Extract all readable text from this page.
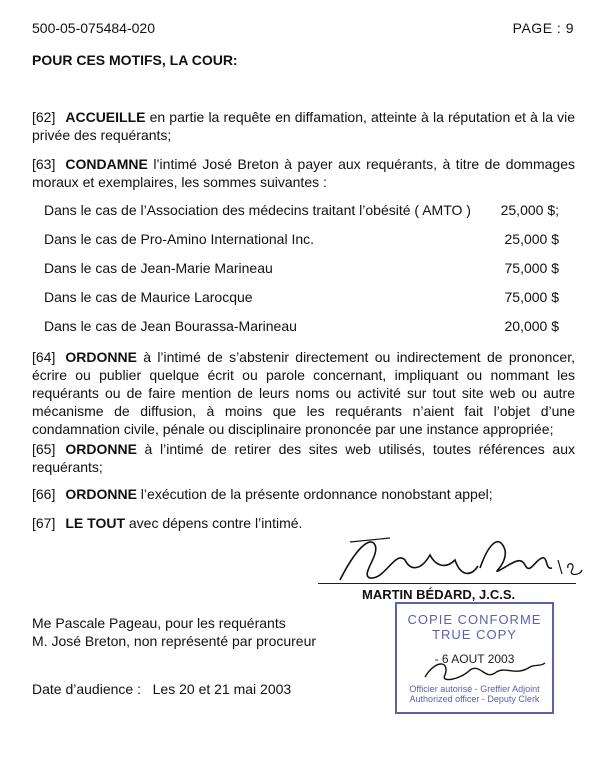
500-05-075484-020	PAGE : 9
POUR CES MOTIFS, LA COUR:
[62] ACCUEILLE en partie la requête en diffamation, atteinte à la réputation et à la vie privée des requérants;
[63] CONDAMNE l’intimé José Breton à payer aux requérants, à titre de dommages moraux et exemplaires, les sommes suivantes :
Dans le cas de l’Association des médecins traitant l’obésité ( AMTO ) 25,000 $;
Dans le cas de Pro-Amino International Inc.	25,000 $
Dans le cas de Jean-Marie Marineau	75,000 $
Dans le cas de Maurice Larocque	75,000 $
Dans le cas de Jean Bourassa-Marineau	20,000 $
[64] ORDONNE à l’intimé de s’abstenir directement ou indirectement de prononcer, écrire ou publier quelque écrit ou parole concernant, impliquant ou nommant les requérants ou de faire mention de leurs noms ou activité sur tout site web ou autre mécanisme de diffusion, à moins que les requérants n’aient fait l’objet d’une condamnation civile, pénale ou disciplinaire prononcée par une instance appropriée;
[65] ORDONNE à l’intimé de retirer des sites web utilisés, toutes références aux requérants;
[66] ORDONNE l’exécution de la présente ordonnance nonobstant appel;
[67] LE TOUT avec dépens contre l’intimé.
MARTIN BÉDARD, J.C.S.
Me Pascale Pageau, pour les requérants
M. José Breton, non représenté par procureur
Date d’audience : Les 20 et 21 mai 2003
COPIE CONFORME
TRUE COPY
- 6 AOUT 2003
Officier autorisé - Greffier Adjoint
Authorized officer - Deputy Clerk
